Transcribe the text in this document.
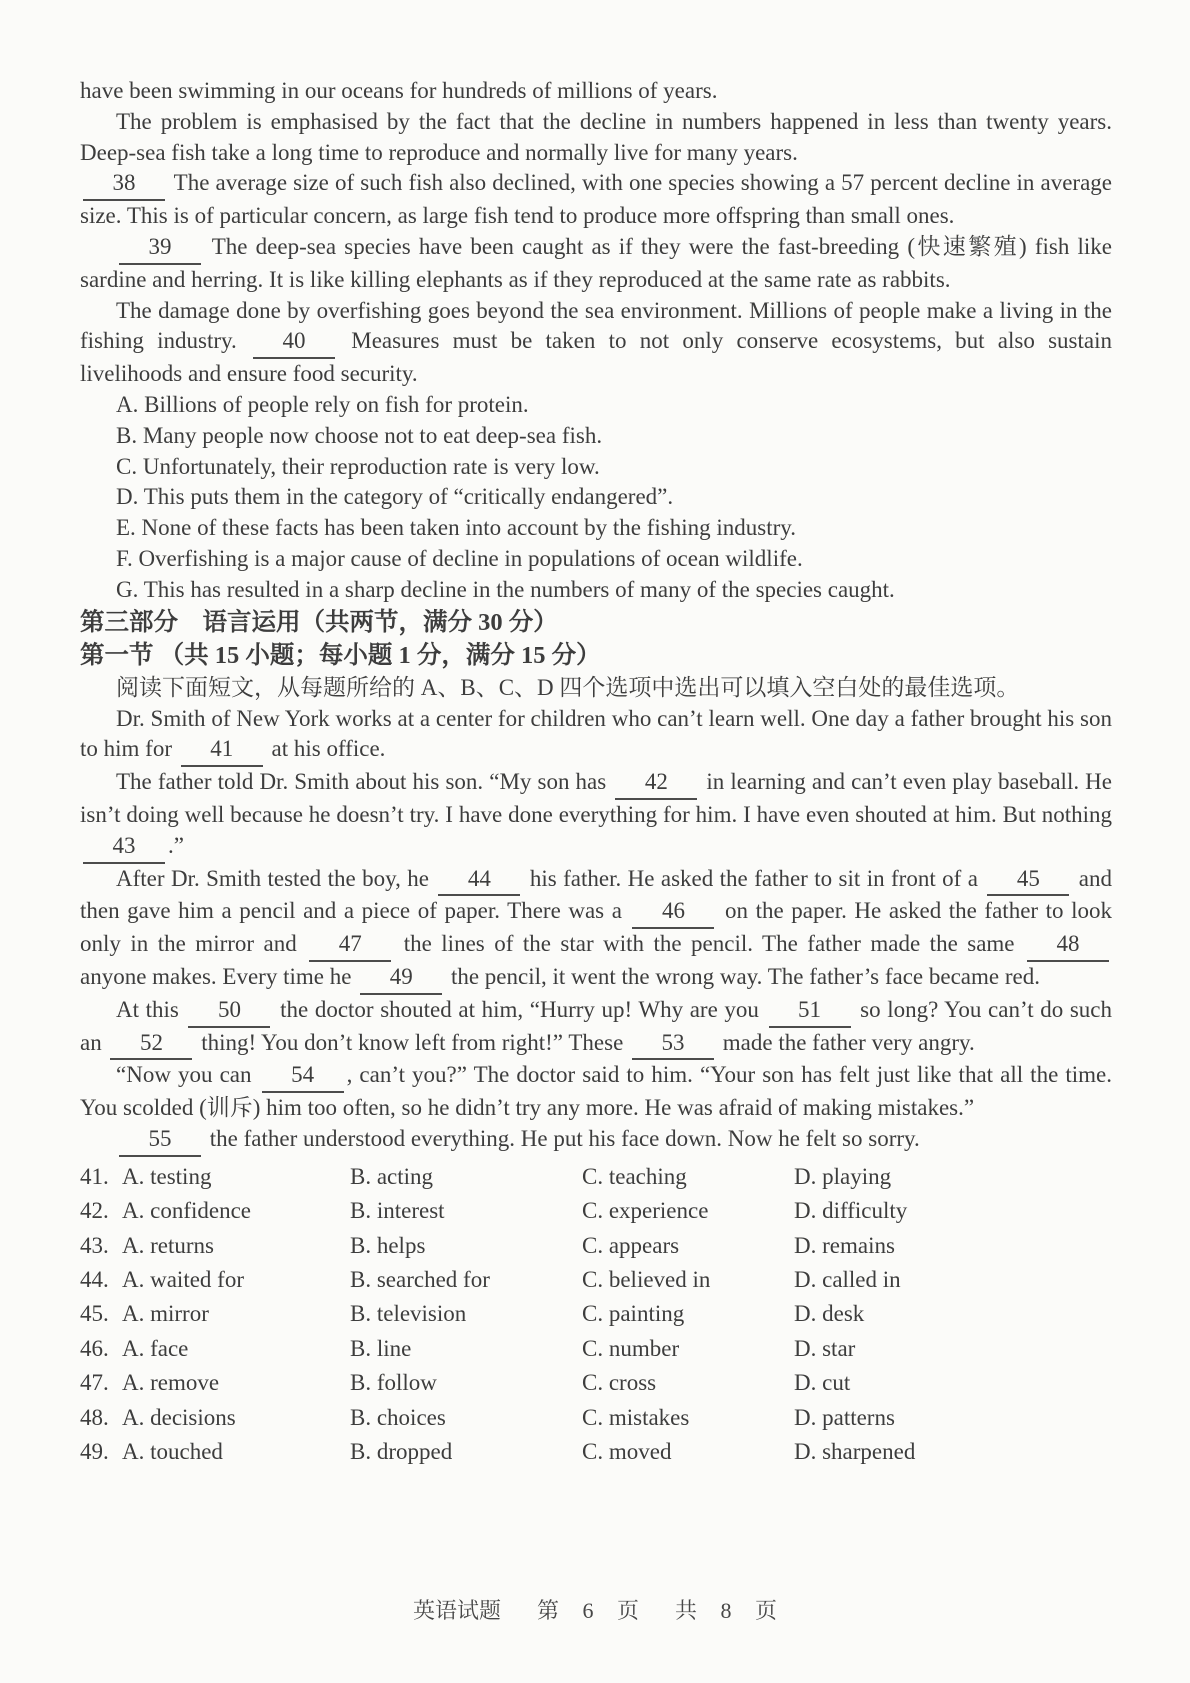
have been swimming in our oceans for hundreds of millions of years.
The problem is emphasised by the fact that the decline in numbers happened in less than twenty years. Deep-sea fish take a long time to reproduce and normally live for many years.
38 The average size of such fish also declined, with one species showing a 57 percent decline in average size. This is of particular concern, as large fish tend to produce more offspring than small ones.
39 The deep-sea species have been caught as if they were the fast-breeding (快速繁殖) fish like sardine and herring. It is like killing elephants as if they reproduced at the same rate as rabbits.
The damage done by overfishing goes beyond the sea environment. Millions of people make a living in the fishing industry. 40 Measures must be taken to not only conserve ecosystems, but also sustain livelihoods and ensure food security.
A. Billions of people rely on fish for protein.
B. Many people now choose not to eat deep-sea fish.
C. Unfortunately, their reproduction rate is very low.
D. This puts them in the category of “critically endangered”.
E. None of these facts has been taken into account by the fishing industry.
F. Overfishing is a major cause of decline in populations of ocean wildlife.
G. This has resulted in a sharp decline in the numbers of many of the species caught.
第三部分　语言运用（共两节，满分 30 分）
第一节 （共 15 小题；每小题 1 分，满分 15 分）
阅读下面短文，从每题所给的 A、B、C、D 四个选项中选出可以填入空白处的最佳选项。
Dr. Smith of New York works at a center for children who can’t learn well. One day a father brought his son to him for 41 at his office.
The father told Dr. Smith about his son. “My son has 42 in learning and can’t even play baseball. He isn’t doing well because he doesn’t try. I have done everything for him. I have even shouted at him. But nothing 43 .”
After Dr. Smith tested the boy, he 44 his father. He asked the father to sit in front of a 45 and then gave him a pencil and a piece of paper. There was a 46 on the paper. He asked the father to look only in the mirror and 47 the lines of the star with the pencil. The father made the same 48 anyone makes. Every time he 49 the pencil, it went the wrong way. The father’s face became red.
At this 50 the doctor shouted at him, “Hurry up! Why are you 51 so long? You can’t do such an 52 thing! You don’t know left from right!” These 53 made the father very angry.
“Now you can 54 , can’t you?” The doctor said to him. “Your son has felt just like that all the time. You scolded (训斥) him too often, so he didn’t try any more. He was afraid of making mistakes.”
55 the father understood everything. He put his face down. Now he felt so sorry.
41. A. testing	B. acting	C. teaching	D. playing
42. A. confidence	B. interest	C. experience	D. difficulty
43. A. returns	B. helps	C. appears	D. remains
44. A. waited for	B. searched for	C. believed in	D. called in
45. A. mirror	B. television	C. painting	D. desk
46. A. face	B. line	C. number	D. star
47. A. remove	B. follow	C. cross	D. cut
48. A. decisions	B. choices	C. mistakes	D. patterns
49. A. touched	B. dropped	C. moved	D. sharpened
英语试题 第 6 页 共 8 页
